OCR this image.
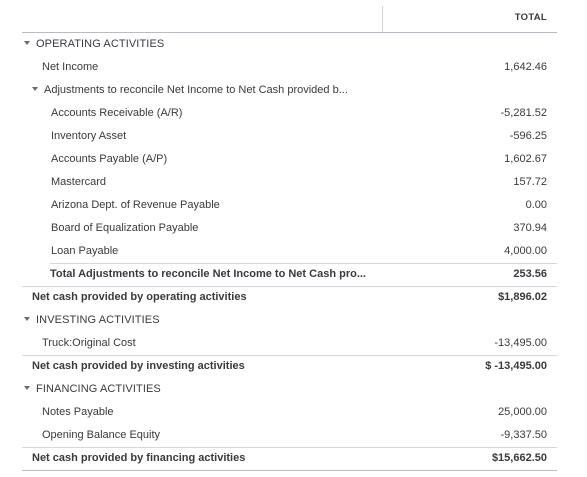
TOTAL
OPERATING ACTIVITIES
Net Income	1,642.46
Adjustments to reconcile Net Income to Net Cash provided b...
Accounts Receivable (A/R)	-5,281.52
Inventory Asset	-596.25
Accounts Payable (A/P)	1,602.67
Mastercard	157.72
Arizona Dept. of Revenue Payable	0.00
Board of Equalization Payable	370.94
Loan Payable	4,000.00
Total Adjustments to reconcile Net Income to Net Cash pro...	253.56
Net cash provided by operating activities	$1,896.02
INVESTING ACTIVITIES
Truck:Original Cost	-13,495.00
Net cash provided by investing activities	$ -13,495.00
FINANCING ACTIVITIES
Notes Payable	25,000.00
Opening Balance Equity	-9,337.50
Net cash provided by financing activities	$15,662.50
